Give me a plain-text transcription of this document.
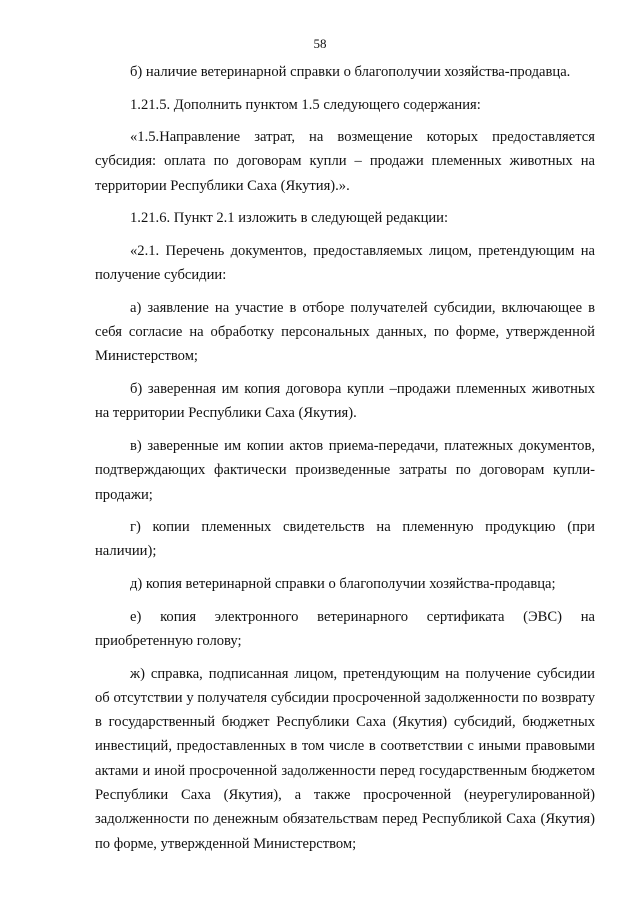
58

б) наличие ветеринарной справки о благополучии хозяйства-продавца.

1.21.5. Дополнить пунктом 1.5 следующего содержания:

«1.5.Направление затрат, на возмещение которых предоставляется субсидия: оплата по договорам купли – продажи племенных животных на территории Республики Саха (Якутия).».

1.21.6. Пункт 2.1 изложить в следующей редакции:

«2.1. Перечень документов, предоставляемых лицом, претендующим на получение субсидии:

а) заявление на участие в отборе получателей субсидии, включающее в себя согласие на обработку персональных данных, по форме, утвержденной Министерством;

б) заверенная им копия договора купли –продажи племенных животных на территории Республики Саха (Якутия).

в) заверенные им копии актов приема-передачи, платежных документов, подтверждающих фактически произведенные затраты по договорам купли-продажи;

г) копии племенных свидетельств на племенную продукцию (при наличии);

д) копия ветеринарной справки о благополучии хозяйства-продавца;

е) копия электронного ветеринарного сертификата (ЭВС) на приобретенную голову;

ж) справка, подписанная лицом, претендующим на получение субсидии об отсутствии у получателя субсидии просроченной задолженности по возврату в государственный бюджет Республики Саха (Якутия) субсидий, бюджетных инвестиций, предоставленных в том числе в соответствии с иными правовыми актами и иной просроченной задолженности перед государственным бюджетом Республики Саха (Якутия), а также просроченной (неурегулированной) задолженности по денежным обязательствам перед Республикой Саха (Якутия) по форме, утвержденной Министерством;
